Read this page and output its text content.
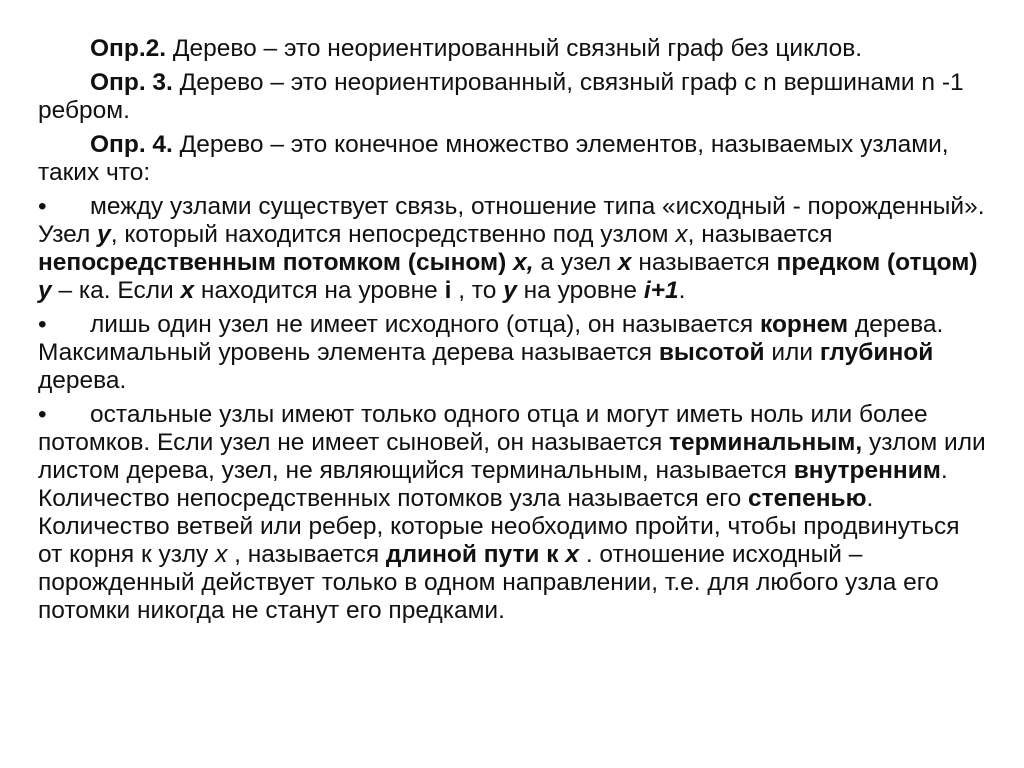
Опр.2. Дерево – это неориентированный связный граф без циклов.

Опр. 3. Дерево – это неориентированный, связный граф с n вершинами n -1 ребром.

Опр. 4. Дерево – это конечное множество элементов, называемых узлами, таких что:

• между узлами существует связь, отношение типа «исходный - порожденный». Узел y, который находится непосредственно под узлом x, называется непосредственным потомком (сыном) x, а узел x называется предком (отцом) y – ка. Если x находится на уровне i , то y на уровне i+1.

• лишь один узел не имеет исходного (отца), он называется корнем дерева. Максимальный уровень элемента дерева называется высотой или глубиной дерева.

• остальные узлы имеют только одного отца и могут иметь ноль или более потомков. Если узел не имеет сыновей, он называется терминальным, узлом или листом дерева, узел, не являющийся терминальным, называется внутренним. Количество непосредственных потомков узла называется его степенью. Количество ветвей или ребер, которые необходимо пройти, чтобы продвинуться от корня к узлу x , называется длиной пути к x . отношение исходный – порожденный действует только в одном направлении, т.е. для любого узла его потомки никогда не станут его предками.
